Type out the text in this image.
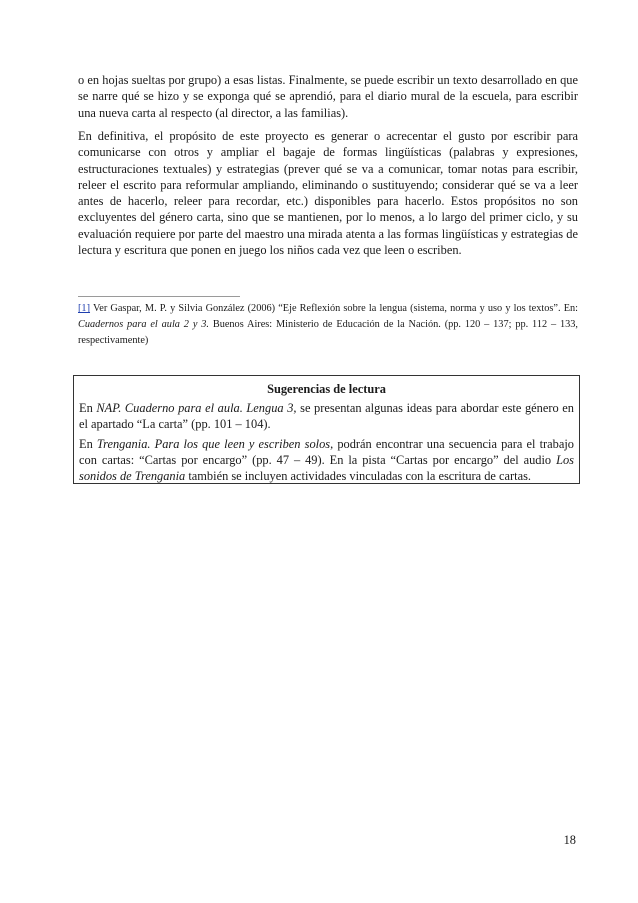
o en hojas sueltas por grupo) a esas listas. Finalmente, se puede escribir un texto desarrollado en que se narre qué se hizo y se exponga qué se aprendió, para el diario mural de la escuela, para escribir una nueva carta al respecto (al director, a las familias).

En definitiva, el propósito de este proyecto es generar o acrecentar el gusto por escribir para comunicarse con otros y ampliar el bagaje de formas lingüísticas (palabras y expresiones, estructuraciones textuales) y estrategias (prever qué se va a comunicar, tomar notas para escribir, releer el escrito para reformular ampliando, eliminando o sustituyendo; considerar qué se va a leer antes de hacerlo, releer para recordar, etc.) disponibles para hacerlo. Estos propósitos no son excluyentes del género carta, sino que se mantienen, por lo menos, a lo largo del primer ciclo, y su evaluación requiere por parte del maestro una mirada atenta a las formas lingüísticas y estrategias de lectura y escritura que ponen en juego los niños cada vez que leen o escriben.

[1] Ver Gaspar, M. P. y Silvia González (2006) “Eje Reflexión sobre la lengua (sistema, norma y uso y los textos”. En: Cuadernos para el aula 2 y 3. Buenos Aires: Ministerio de Educación de la Nación. (pp. 120 – 137; pp. 112 – 133, respectivamente)

Sugerencias de lectura

En NAP. Cuaderno para el aula. Lengua 3, se presentan algunas ideas para abordar este género en el apartado “La carta” (pp. 101 – 104).

En Trengania. Para los que leen y escriben solos, podrán encontrar una secuencia para el trabajo con cartas: “Cartas por encargo” (pp. 47 – 49). En la pista “Cartas por encargo” del audio Los sonidos de Trengania también se incluyen actividades vinculadas con la escritura de cartas.

18
